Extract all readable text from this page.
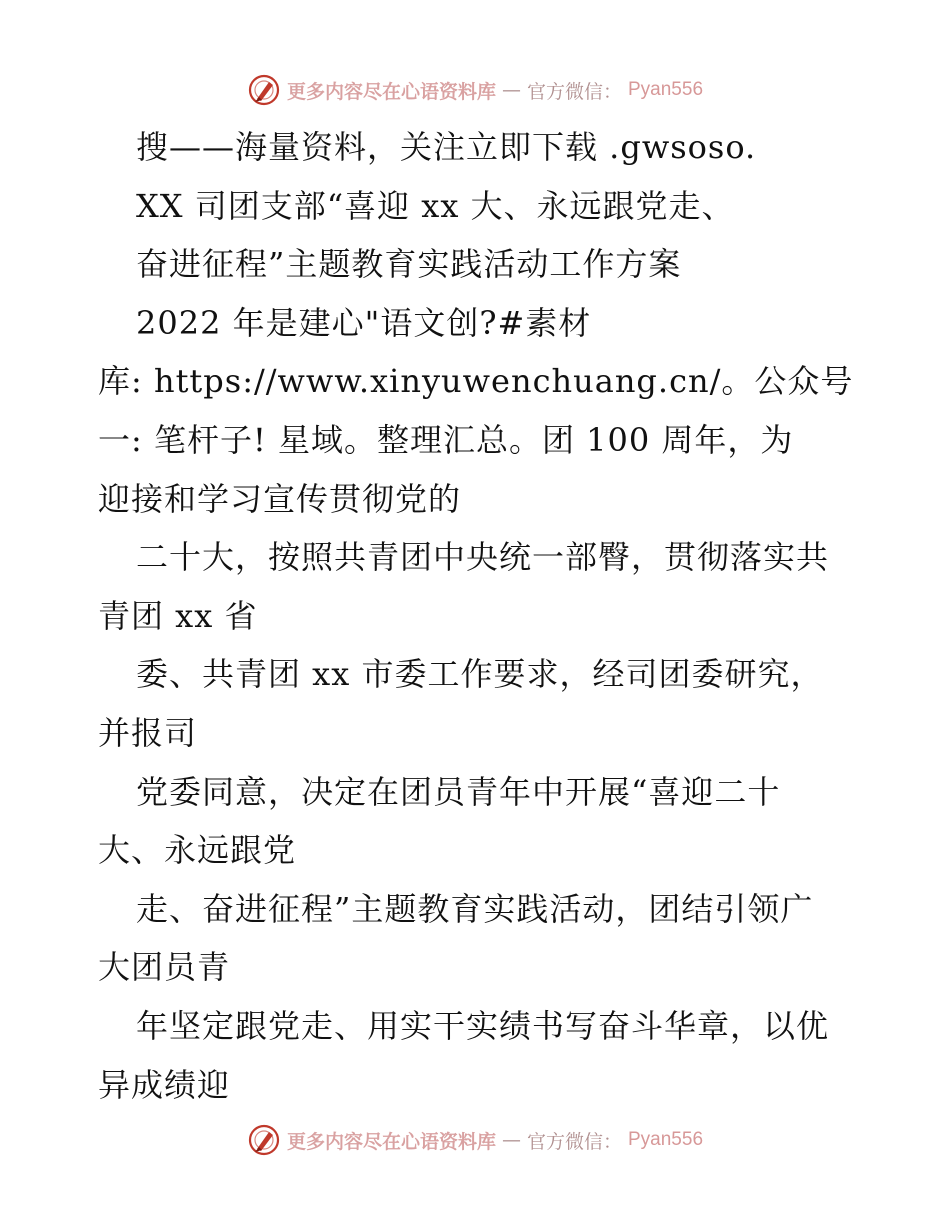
更多内容尽在心语资料库 — 官方微信： Pyan556
搜——海量资料，关注立即下载 .gwsoso.
XX 司团支部“喜迎 xx 大、永远跟党走、
奋进征程”主题教育实践活动工作方案
2022 年是建心"语文创?#素材
库: https://www.xinyuwenchuang.cn/。公众号
一: 笔杆子! 星域。整理汇总。团 100 周年，为
迎接和学习宣传贯彻党的
二十大，按照共青团中央统一部臀，贯彻落实共
青团 xx 省
委、共青团 xx 市委工作要求，经司团委研究，
并报司
党委同意，决定在团员青年中开展“喜迎二十
大、永远跟党
走、奋进征程”主题教育实践活动，团结引领广
大团员青
年坚定跟党走、用实干实绩书写奋斗华章，以优
异成绩迎
更多内容尽在心语资料库 — 官方微信： Pyan556
